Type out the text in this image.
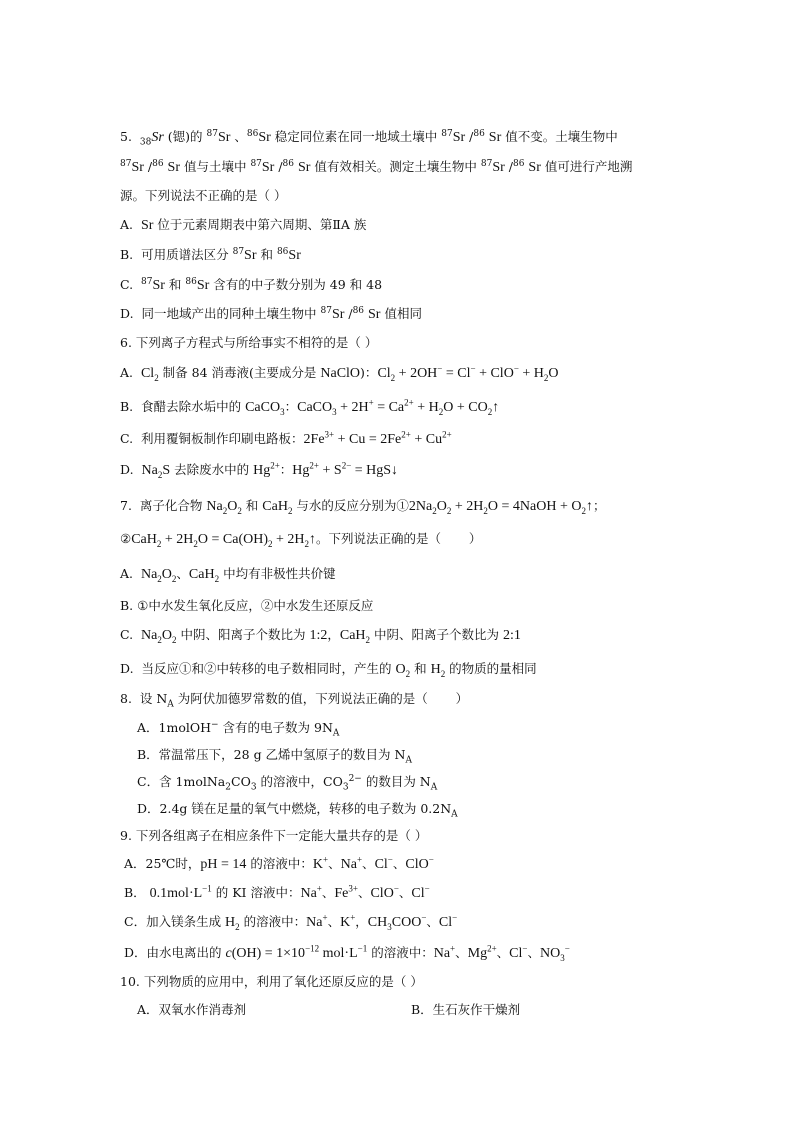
5. $_{38}$Sr (锶)的 $^{87}$Sr 、$^{86}$Sr 稳定同位素在同一地域土壤中 $^{87}$Sr /$^{86}$ Sr 值不变。土壤生物中
$^{87}$Sr /$^{86}$ Sr 值与土壤中 $^{87}$Sr /$^{86}$ Sr 值有效相关。测定土壤生物中 $^{87}$Sr /$^{86}$ Sr 值可进行产地溯
源。下列说法不正确的是（ ）
A.  Sr 位于元素周期表中第六周期、第ⅡA 族
B.  可用质谱法区分 $^{87}$Sr 和 $^{86}$Sr
C.  $^{87}$Sr 和 $^{86}$Sr 含有的中子数分别为 49 和 48
D.  同一地域产出的同种土壤生物中 $^{87}$Sr /$^{86}$ Sr 值相同
6. 下列离子方程式与所给事实不相符的是（ ）
A.  $Cl_2$ 制备 84 消毒液(主要成分是 NaClO)：$Cl_2 + 2OH^- = Cl^- + ClO^- + H_2O$
B.  食醋去除水垢中的 CaCO$_3$：CaCO$_3$ + $2H^+ = Ca^{2+} + H_2O$ + $CO_2↑$
C.  利用覆铜板制作印刷电路板：$2Fe^{3+} + Cu = 2Fe^{2+} + Cu^{2+}$
D.  $Na_2S$ 去除废水中的 $Hg^{2+}$：$Hg^{2+} + S^{2-}$ = HgS↓
7.  离子化合物 $Na_2O_2$ 和 CaH$_2$ 与水的反应分别为$①2Na_2O_2 + 2H_2O$ = 4NaOH + $O_2↑$；
②CaH$_2$ + $2H_2O = Ca(OH)_2$ + $2H_2↑$。下列说法正确的是（       ）
A.  $Na_2O_2$、CaH$_2$ 中均有非极性共价键
B. ①中水发生氧化反应，②中水发生还原反应
C.  $Na_2O_2$ 中阴、阳离子个数比为 1:2，CaH$_2$ 中阴、阳离子个数比为 2:1
D.  当反应①和②中转移的电子数相同时，产生的 $O_2$ 和 $H_2$ 的物质的量相同
8.  设 $N_A$ 为阿伏加德罗常数的值，下列说法正确的是（       ）
A．1molOH− 含有的电子数为 $9N_A$
B．常温常压下，28 g 乙烯中氢原子的数目为 $N_A$
C．含 $1molNa_2CO_3$ 的溶液中，$CO_3^{2-}$ 的数目为 $N_A$
D．2.4g 镁在足量的氧气中燃烧，转移的电子数为 $0.2N_A$
9. 下列各组离子在相应条件下一定能大量共存的是（ ）
A．25℃时，pH = 14 的溶液中：K+、Na+、Cl−、ClO−
B． $0.1mol\cdot L^{-1}$ 的 KI 溶液中：Na+、$Fe^{3+}$、ClO−、Cl−
C．加入镁条生成 $H_2$ 的溶液中：Na+、K+，$CH_3COO^-$、Cl−
D．由水电离出的 $c(OH) = 1\times 10^{-12}$ $mol\cdot L^{-1}$ 的溶液中：Na+、$Mg^{2+}$、Cl−、$NO_3^-$
10. 下列物质的应用中，利用了氧化还原反应的是（ ）
A．双氧水作消毒剂	B．生石灰作干燥剂
